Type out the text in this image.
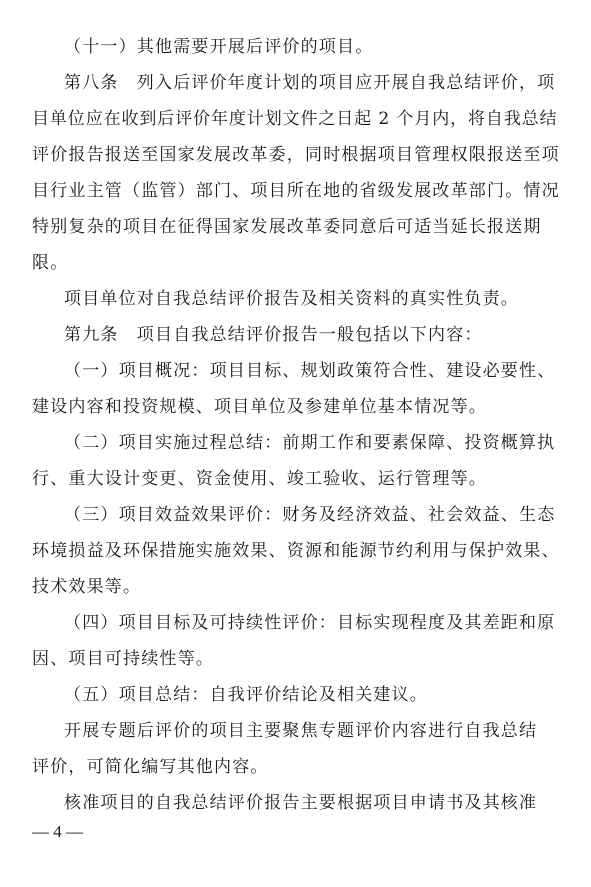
（十一）其他需要开展后评价的项目。
第八条　列入后评价年度计划的项目应开展自我总结评价，项
目单位应在收到后评价年度计划文件之日起 2 个月内，将自我总结
评价报告报送至国家发展改革委，同时根据项目管理权限报送至项
目行业主管（监管）部门、项目所在地的省级发展改革部门。情况
特别复杂的项目在征得国家发展改革委同意后可适当延长报送期
限。
项目单位对自我总结评价报告及相关资料的真实性负责。
第九条　项目自我总结评价报告一般包括以下内容：
（一）项目概况：项目目标、规划政策符合性、建设必要性、
建设内容和投资规模、项目单位及参建单位基本情况等。
（二）项目实施过程总结：前期工作和要素保障、投资概算执
行、重大设计变更、资金使用、竣工验收、运行管理等。
（三）项目效益效果评价：财务及经济效益、社会效益、生态
环境损益及环保措施实施效果、资源和能源节约利用与保护效果、
技术效果等。
（四）项目目标及可持续性评价：目标实现程度及其差距和原
因、项目可持续性等。
（五）项目总结：自我评价结论及相关建议。
开展专题后评价的项目主要聚焦专题评价内容进行自我总结
评价，可简化编写其他内容。
核准项目的自我总结评价报告主要根据项目申请书及其核准
— 4 —
